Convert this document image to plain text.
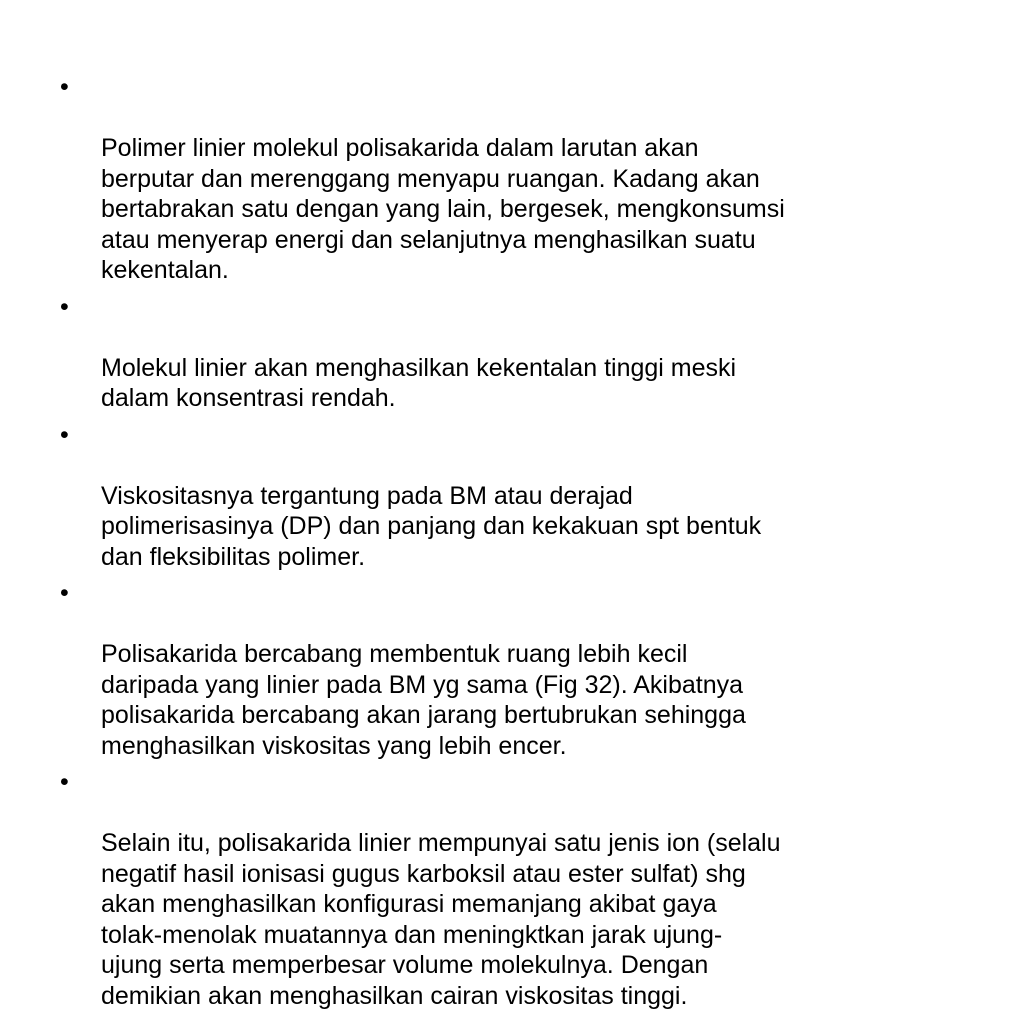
•

Polimer linier molekul polisakarida dalam larutan akan
berputar dan merenggang menyapu ruangan. Kadang akan
bertabrakan satu dengan yang lain, bergesek, mengkonsumsi
atau menyerap energi dan selanjutnya menghasilkan suatu
kekentalan.

•

Molekul linier akan menghasilkan kekentalan tinggi meski
dalam konsentrasi rendah.

•

Viskositasnya tergantung pada BM atau derajad
polimerisasinya (DP) dan panjang dan kekakuan spt bentuk
dan fleksibilitas polimer.

•

Polisakarida bercabang membentuk ruang lebih kecil
daripada yang linier pada BM yg sama (Fig 32). Akibatnya
polisakarida bercabang akan jarang bertubrukan sehingga
menghasilkan viskositas yang lebih encer.

•

Selain itu, polisakarida linier mempunyai satu jenis ion (selalu
negatif hasil ionisasi gugus karboksil atau ester sulfat) shg
akan menghasilkan konfigurasi memanjang akibat gaya
tolak-menolak muatannya dan meningktkan jarak ujung-
ujung serta memperbesar volume molekulnya. Dengan
demikian akan menghasilkan cairan viskositas tinggi.
